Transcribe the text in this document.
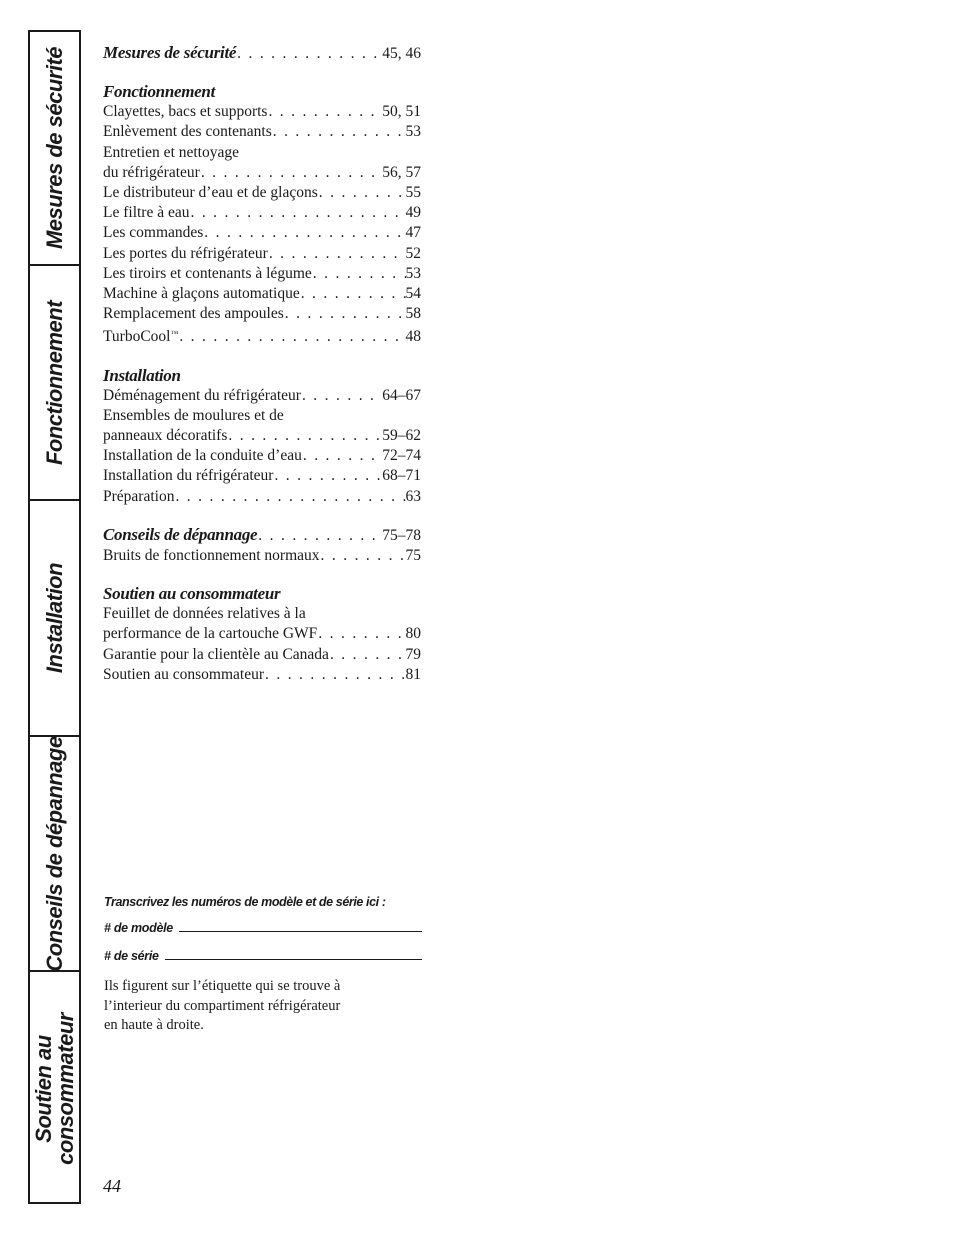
Mesures de sécurité
Fonctionnement
Installation
Conseils de dépannage
Soutien au
consommateur
Mesures de sécurité . . .	45, 46
Fonctionnement
Clayettes, bacs et supports . . .	50, 51
Enlèvement des contenants . . .	53
Entretien et nettoyage
du réfrigérateur . . .	56, 57
Le distributeur d’eau et de glaçons . . .	55
Le filtre à eau . . .	49
Les commandes . . .	47
Les portes du réfrigérateur . . .	52
Les tiroirs et contenants à légume . . .	53
Machine à glaçons automatique . . .	54
Remplacement des ampoules . . .	58
TurboCool™ . . .	48
Installation
Déménagement du réfrigérateur . . .	64–67
Ensembles de moulures et de
panneaux décoratifs . . .	59–62
Installation de la conduite d’eau . . .	72–74
Installation du réfrigérateur . . .	68–71
Préparation . . .	63
Conseils de dépannage . . .	75–78
Bruits de fonctionnement normaux . . .	75
Soutien au consommateur
Feuillet de données relatives à la
performance de la cartouche GWF . . .	80
Garantie pour la clientèle au Canada . . .	79
Soutien au consommateur . . .	81
Transcrivez les numéros de modèle et de série ici :
# de modèle
# de série
Ils figurent sur l’étiquette qui se trouve à
l’interieur du compartiment réfrigérateur
en haute à droite.
44
